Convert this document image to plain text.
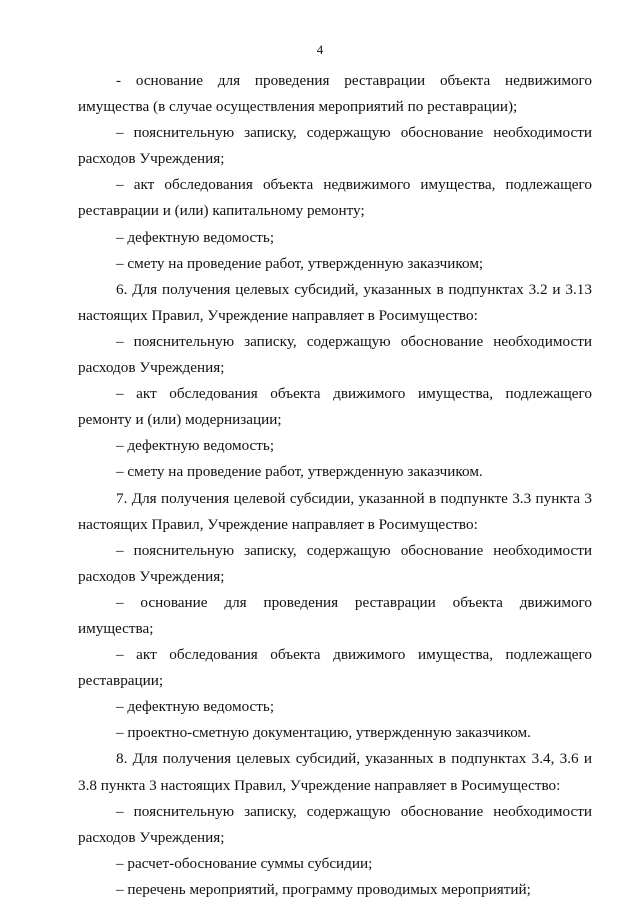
4

- основание для проведения реставрации объекта недвижимого имущества (в случае осуществления мероприятий по реставрации);

– пояснительную записку, содержащую обоснование необходимости расходов Учреждения;

– акт обследования объекта недвижимого имущества, подлежащего реставрации и (или) капитальному ремонту;

– дефектную ведомость;

– смету на проведение работ, утвержденную заказчиком;

6. Для получения целевых субсидий, указанных в подпунктах 3.2 и 3.13 настоящих Правил, Учреждение направляет в Росимущество:

– пояснительную записку, содержащую обоснование необходимости расходов Учреждения;

– акт обследования объекта движимого имущества, подлежащего ремонту и (или) модернизации;

– дефектную ведомость;

– смету на проведение работ, утвержденную заказчиком.

7. Для получения целевой субсидии, указанной в подпункте 3.3 пункта 3 настоящих Правил, Учреждение направляет в Росимущество:

– пояснительную записку, содержащую обоснование необходимости расходов Учреждения;

– основание для проведения реставрации объекта движимого имущества;

– акт обследования объекта движимого имущества, подлежащего реставрации;

– дефектную ведомость;

– проектно-сметную документацию, утвержденную заказчиком.

8. Для получения целевых субсидий, указанных в подпунктах 3.4, 3.6 и 3.8 пункта 3 настоящих Правил, Учреждение направляет в Росимущество:

– пояснительную записку, содержащую обоснование необходимости расходов Учреждения;

– расчет-обоснование суммы субсидии;

– перечень мероприятий, программу проводимых мероприятий;
